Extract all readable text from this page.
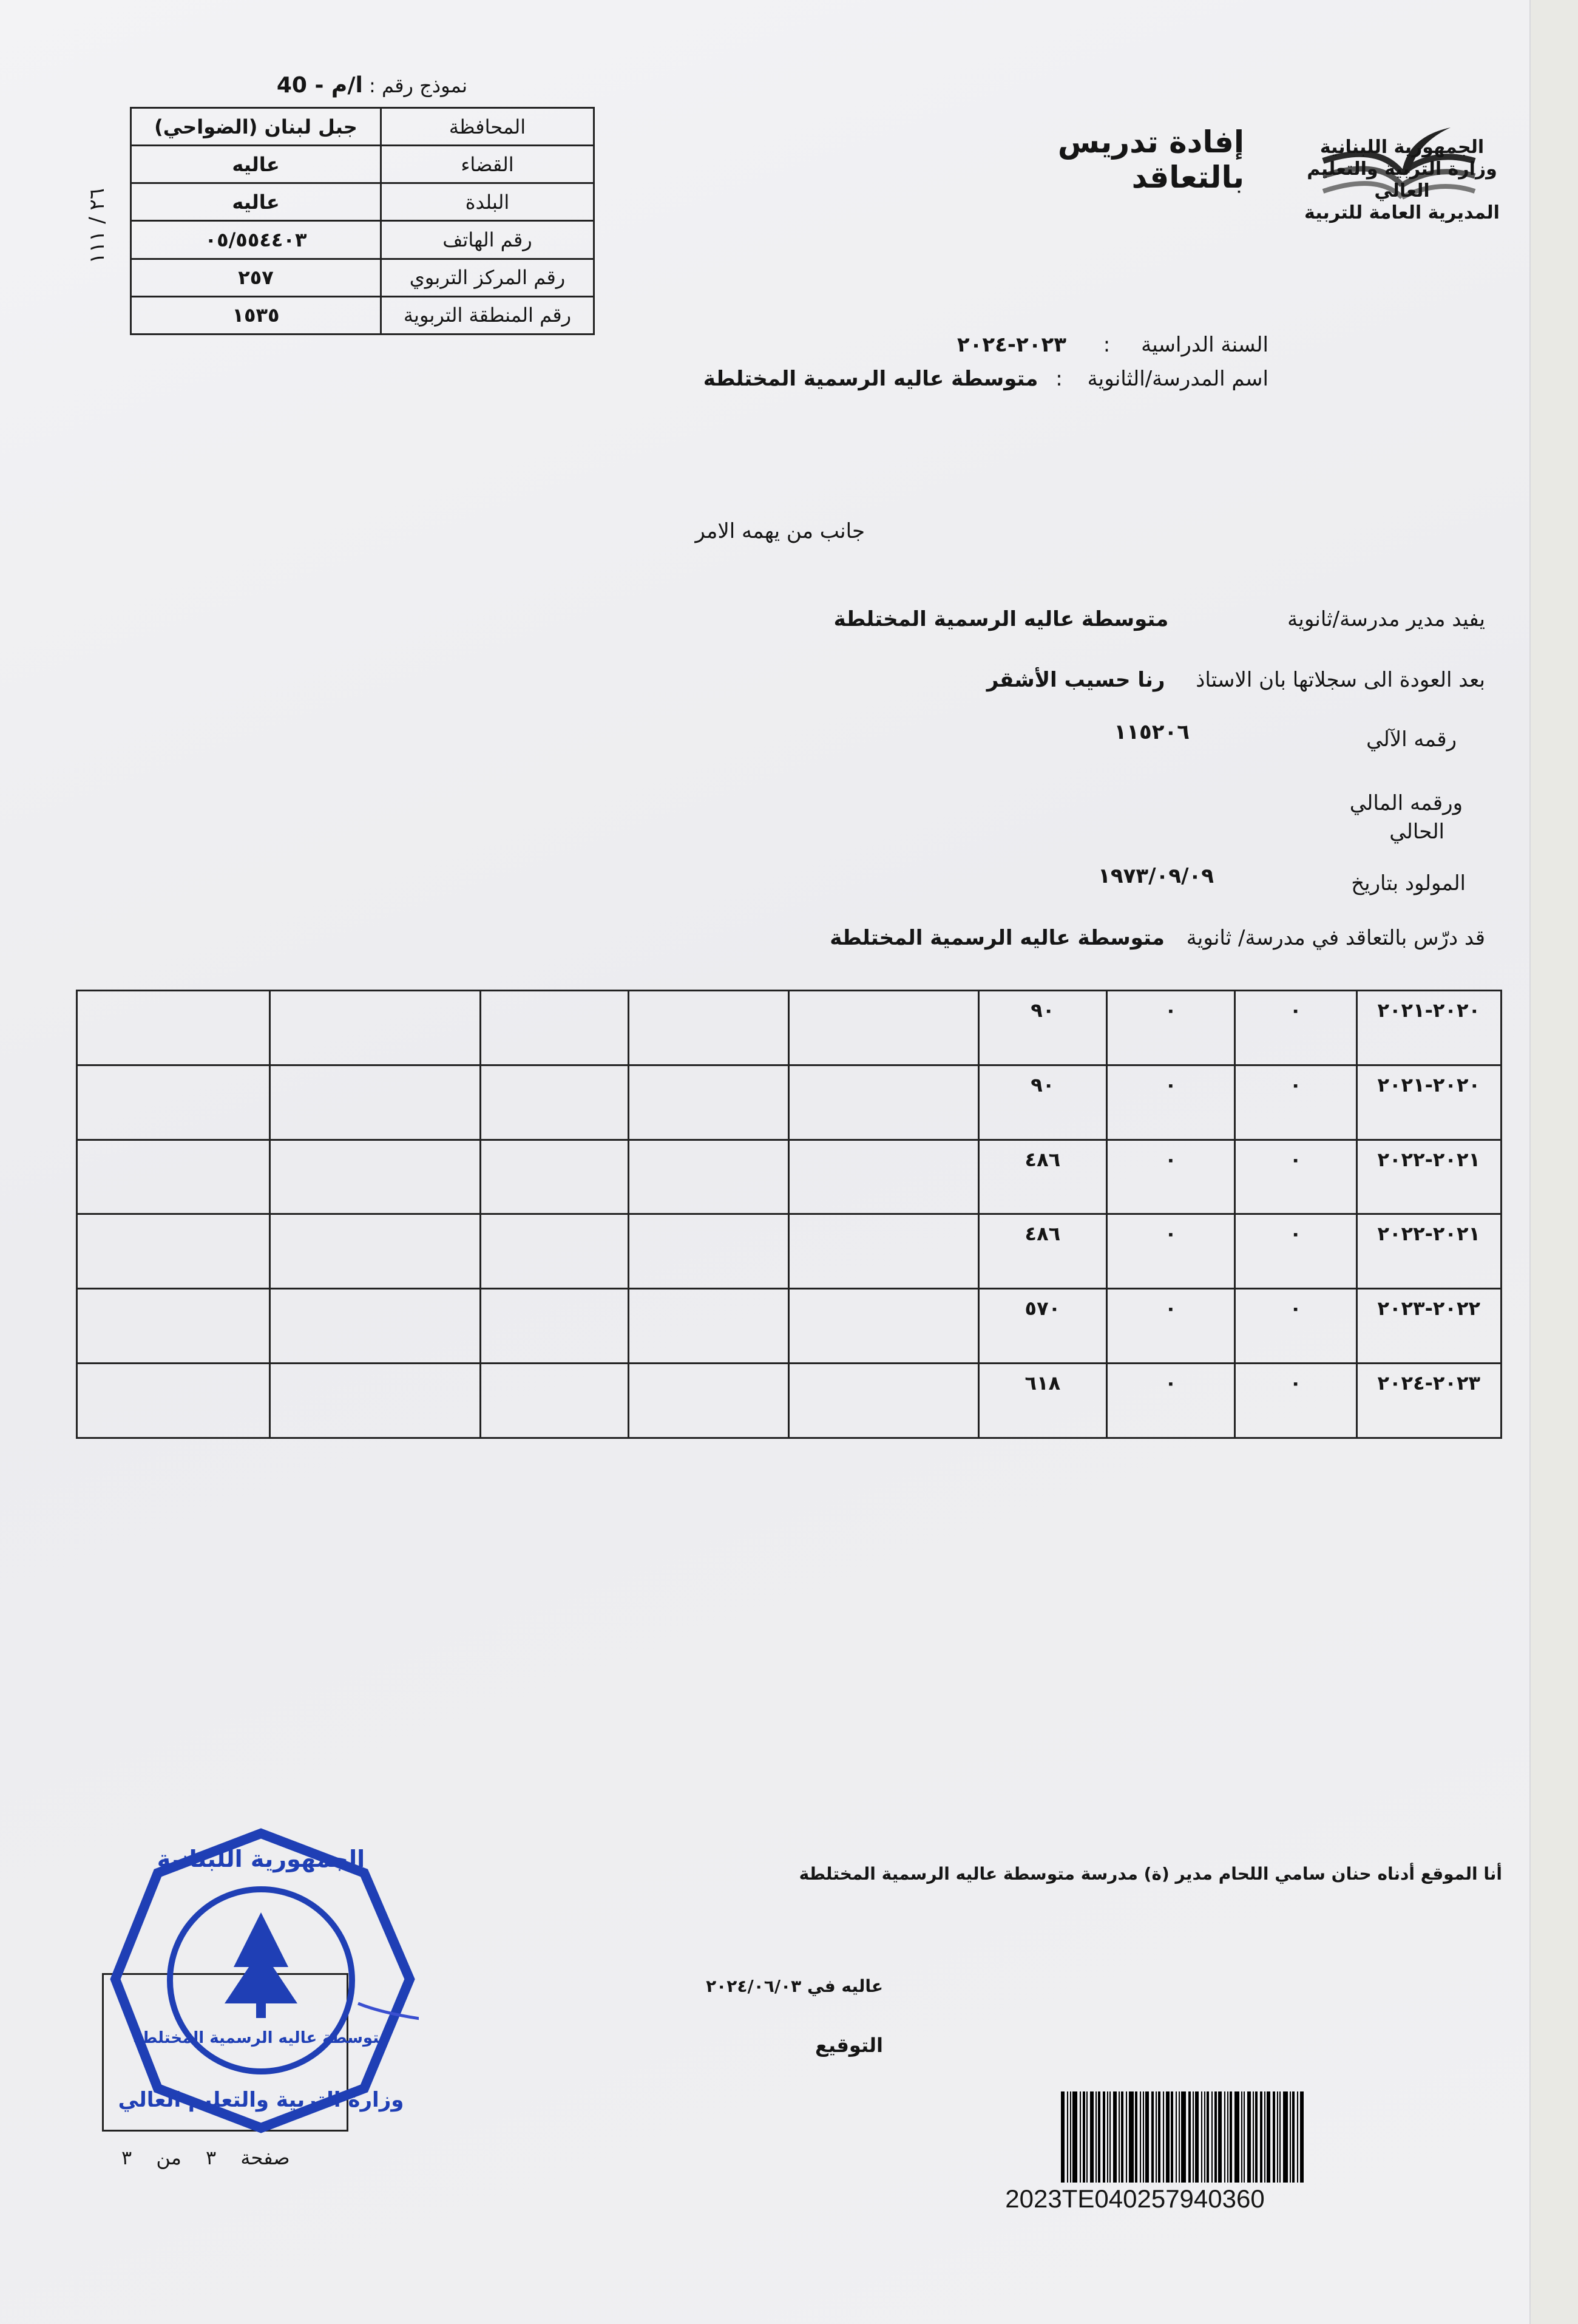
الجمهورية اللبنانية
وزارة التربية والتعليم العالي
المديرية العامة للتربية
إفادة تدريس بالتعاقد
نموذج رقم : ا/م - 40
٢٦ / ١١١
المحافظة	جبل لبنان (الضواحي)
القضاء	عاليه
البلدة	عاليه
رقم الهاتف	٠٥/٥٥٤٤٠٣
رقم المركز التربوي	٢٥٧
رقم المنطقة التربوية	١٥٣٥
السنة الدراسية : ٢٠٢٣-٢٠٢٤
اسم المدرسة/الثانوية : متوسطة عاليه الرسمية المختلطة
جانب من يهمه الامر
يفيد مدير مدرسة/ثانوية متوسطة عاليه الرسمية المختلطة
بعد العودة الى سجلاتها بان الاستاذ رنا حسيب الأشقر
رقمه الآلي
١١٥٢٠٦
ورقمه المالي
الحالي
المولود بتاريخ
١٩٧٣/٠٩/٠٩
قد درّس بالتعاقد في مدرسة/ ثانوية متوسطة عاليه الرسمية المختلطة
٢٠٢٠-٢٠٢١	٠	٠	٩٠					
٢٠٢٠-٢٠٢١	٠	٠	٩٠					
٢٠٢١-٢٠٢٢	٠	٠	٤٨٦					
٢٠٢١-٢٠٢٢	٠	٠	٤٨٦					
٢٠٢٢-٢٠٢٣	٠	٠	٥٧٠					
٢٠٢٣-٢٠٢٤	٠	٠	٦١٨					
أنا الموقع أدناه حنان سامي اللحام مدير (ة) مدرسة متوسطة عاليه الرسمية المختلطة
عاليه في ٢٠٢٤/٠٦/٠٣
التوقيع
الجمهورية اللبنانية
متوسطة عاليه الرسمية المختلطة
وزارة التربية والتعليم العالي
صفحة ٣ من ٣
2023TE040257940360
